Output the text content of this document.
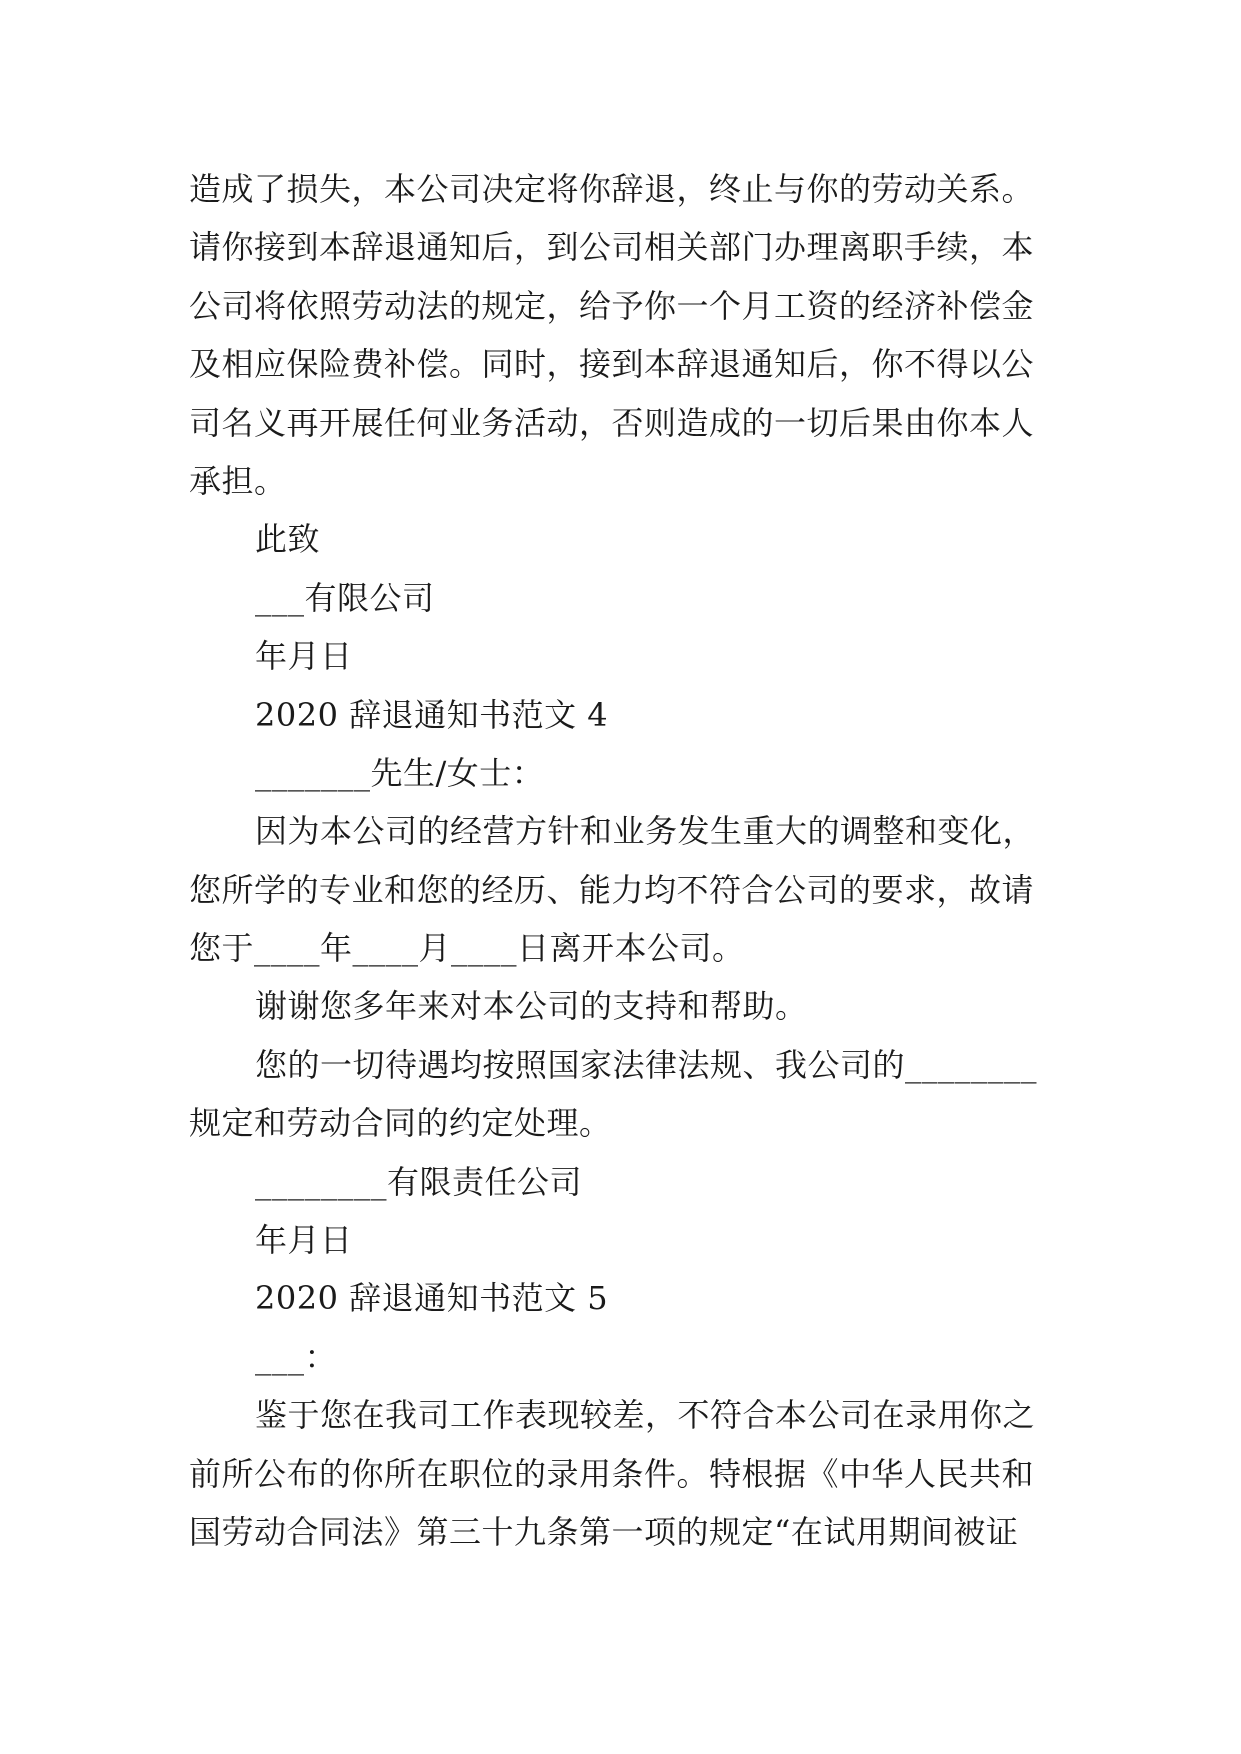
造成了损失，本公司决定将你辞退，终止与你的劳动关系。

请你接到本辞退通知后，到公司相关部门办理离职手续，本

公司将依照劳动法的规定，给予你一个月工资的经济补偿金

及相应保险费补偿。同时，接到本辞退通知后，你不得以公

司名义再开展任何业务活动，否则造成的一切后果由你本人

承担。

此致

___有限公司

年月日

2020 辞退通知书范文 4

_______先生/女士：

因为本公司的经营方针和业务发生重大的调整和变化，

您所学的专业和您的经历、能力均不符合公司的要求，故请

您于____年____月____日离开本公司。

谢谢您多年来对本公司的支持和帮助。

您的一切待遇均按照国家法律法规、我公司的________

规定和劳动合同的约定处理。

________有限责任公司

年月日

2020 辞退通知书范文 5

___：

鉴于您在我司工作表现较差，不符合本公司在录用你之

前所公布的你所在职位的录用条件。特根据《中华人民共和

国劳动合同法》第三十九条第一项的规定“在试用期间被证
